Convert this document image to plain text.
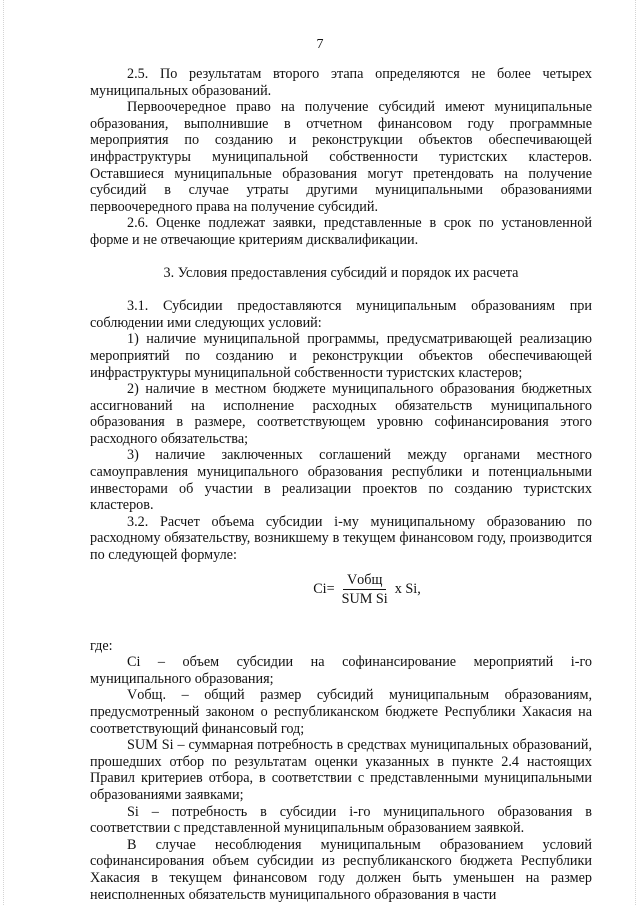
7

2.5. По результатам второго этапа определяются не более четырех муниципальных образований.

Первоочередное право на получение субсидий имеют муниципальные образования, выполнившие в отчетном финансовом году программные мероприятия по созданию и реконструкции объектов обеспечивающей инфраструктуры муниципальной собственности туристских кластеров. Оставшиеся муниципальные образования могут претендовать на получение субсидий в случае утраты другими муниципальными образованиями первоочередного права на получение субсидий.

2.6. Оценке подлежат заявки, представленные в срок по установленной форме и не отвечающие критериям дисквалификации.

3. Условия предоставления субсидий и порядок их расчета

3.1. Субсидии предоставляются муниципальным образованиям при соблюдении ими следующих условий:

1) наличие муниципальной программы, предусматривающей реализацию мероприятий по созданию и реконструкции объектов обеспечивающей инфраструктуры муниципальной собственности туристских кластеров;

2) наличие в местном бюджете муниципального образования бюджетных ассигнований на исполнение расходных обязательств муниципального образования в размере, соответствующем уровню софинансирования этого расходного обязательства;

3) наличие заключенных соглашений между органами местного самоуправления муниципального образования республики и потенциальными инвесторами об участии в реализации проектов по созданию туристских кластеров.

3.2. Расчет объема субсидии i-му муниципальному образованию по расходному обязательству, возникшему в текущем финансовом году, производится по следующей формуле:

$Ci= \frac{\text{Vобщ}}{\text{SUM Si}}$ x Si,

где:

Ci – объем субсидии на софинансирование мероприятий i-го муниципального образования;

Vобщ. – общий размер субсидий муниципальным образованиям, предусмотренный законом о республиканском бюджете Республики Хакасия на соответствующий финансовый год;

SUM Si – суммарная потребность в средствах муниципальных образований, прошедших отбор по результатам оценки указанных в пункте 2.4 настоящих Правил критериев отбора, в соответствии с представленными муниципальными образованиями заявками;

Si – потребность в субсидии i-го муниципального образования в соответствии с представленной муниципальным образованием заявкой.

В случае несоблюдения муниципальным образованием условий софинансирования объем субсидии из республиканского бюджета Республики Хакасия в текущем финансовом году должен быть уменьшен на размер неисполненных обязательств муниципального образования в части
